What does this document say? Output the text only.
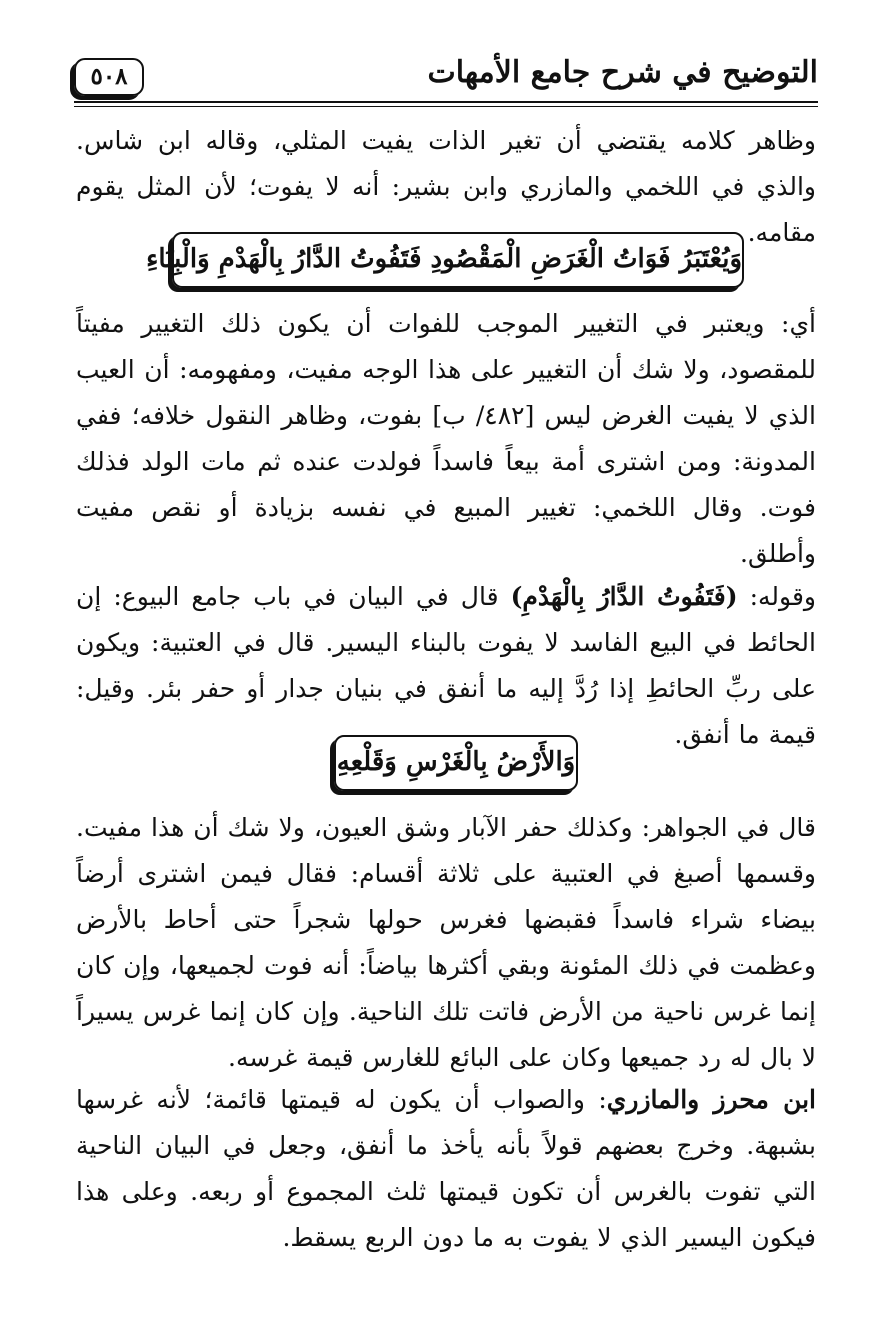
التوضيح في شرح جامع الأمهات
٥٠٨

وظاهر كلامه يقتضي أن تغير الذات يفيت المثلي، وقاله ابن شاس. والذي في اللخمي والمازري وابن بشير: أنه لا يفوت؛ لأن المثل يقوم مقامه.

وَيُعْتَبَرُ فَوَاتُ الْغَرَضِ الْمَقْصُودِ فَتَفُوتُ الدَّارُ بِالْهَدْمِ وَالْبِنَاءِ

أي: ويعتبر في التغيير الموجب للفوات أن يكون ذلك التغيير مفيتاً للمقصود، ولا شك أن التغيير على هذا الوجه مفيت، ومفهومه: أن العيب الذي لا يفيت الغرض ليس [٤٨٢/ ب] بفوت، وظاهر النقول خلافه؛ ففي المدونة: ومن اشترى أمة بيعاً فاسداً فولدت عنده ثم مات الولد فذلك فوت. وقال اللخمي: تغيير المبيع في نفسه بزيادة أو نقص مفيت وأطلق.

وقوله: (فَتَفُوتُ الدَّارُ بِالْهَدْمِ) قال في البيان في باب جامع البيوع: إن الحائط في البيع الفاسد لا يفوت بالبناء اليسير. قال في العتبية: ويكون على ربِّ الحائطِ إذا رُدَّ إليه ما أنفق في بنيان جدار أو حفر بئر. وقيل: قيمة ما أنفق.

وَالأَرْضُ بِالْغَرْسِ وَقَلْعِهِ

قال في الجواهر: وكذلك حفر الآبار وشق العيون، ولا شك أن هذا مفيت. وقسمها أصبغ في العتبية على ثلاثة أقسام: فقال فيمن اشترى أرضاً بيضاء شراء فاسداً فقبضها فغرس حولها شجراً حتى أحاط بالأرض وعظمت في ذلك المئونة وبقي أكثرها بياضاً: أنه فوت لجميعها، وإن كان إنما غرس ناحية من الأرض فاتت تلك الناحية. وإن كان إنما غرس يسيراً لا بال له رد جميعها وكان على البائع للغارس قيمة غرسه.

ابن محرز والمازري: والصواب أن يكون له قيمتها قائمة؛ لأنه غرسها بشبهة. وخرج بعضهم قولاً بأنه يأخذ ما أنفق، وجعل في البيان الناحية التي تفوت بالغرس أن تكون قيمتها ثلث المجموع أو ربعه. وعلى هذا فيكون اليسير الذي لا يفوت به ما دون الربع يسقط.
